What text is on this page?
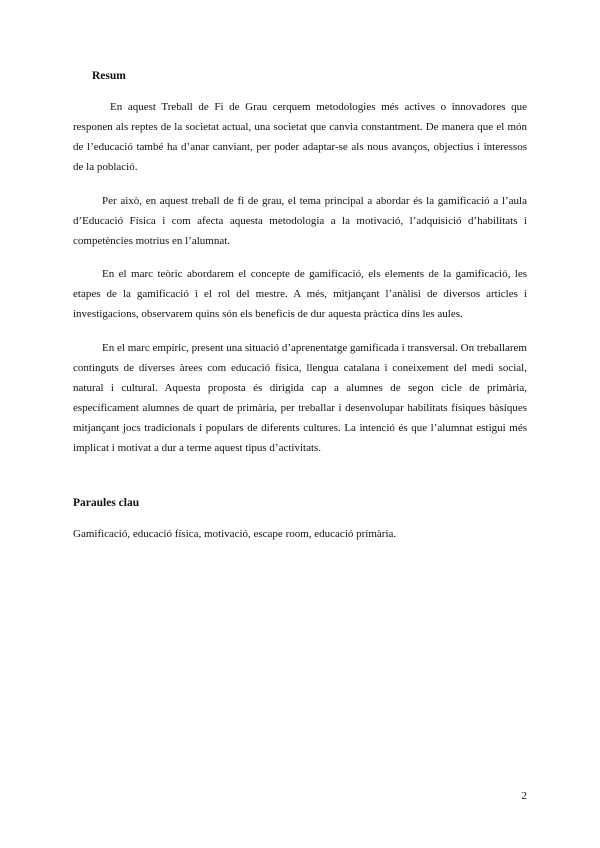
Resum

En aquest Treball de Fi de Grau cerquem metodologies més actives o innovadores que responen als reptes de la societat actual, una societat que canvia constantment. De manera que el món de l’educació també ha d’anar canviant, per poder adaptar-se als nous avanços, objectius i interessos de la població.

Per això, en aquest treball de fi de grau, el tema principal a abordar és la gamificació a l’aula d’Educació Física i com afecta aquesta metodologia a la motivació, l’adquisició d’habilitats i competències motrius en l’alumnat.

En el marc teòric abordarem el concepte de gamificació, els elements de la gamificació, les etapes de la gamificació i el rol del mestre. A més, mitjançant l’anàlisi de diversos articles i investigacions, observarem quins són els beneficis de dur aquesta pràctica dins les aules.

En el marc empíric, present una situació d’aprenentatge gamificada i transversal. On treballarem continguts de diverses àrees com educació física, llengua catalana i coneixement del medi social, natural i cultural. Aquesta proposta és dirigida cap a alumnes de segon cicle de primària, específicament alumnes de quart de primària, per treballar i desenvolupar habilitats físiques bàsiques mitjançant jocs tradicionals i populars de diferents cultures. La intenció és que l’alumnat estigui més implicat i motivat a dur a terme aquest tipus d’activitats.

Paraules clau

Gamificació, educació física, motivació, escape room, educació primària.

2
